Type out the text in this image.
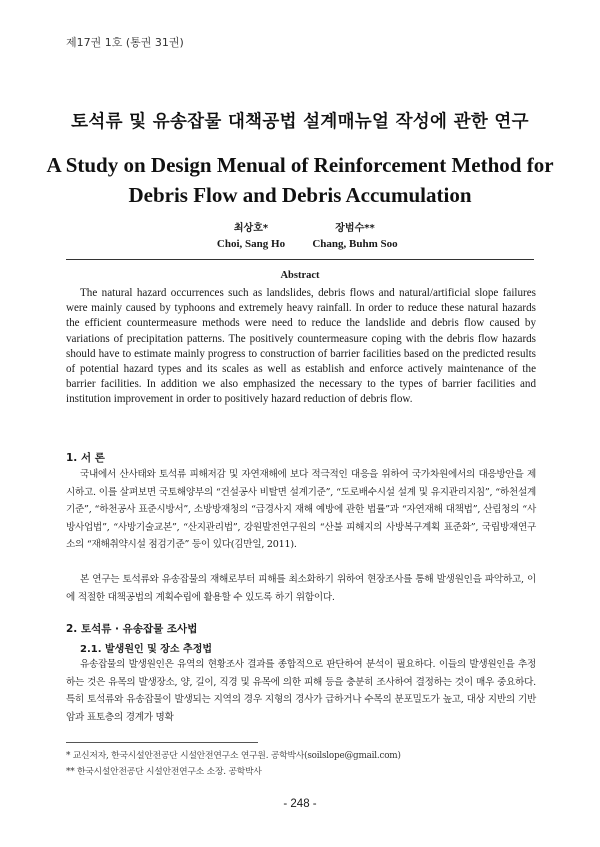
제17권 1호 (통권 31권)
토석류 및 유송잡물 대책공법 설계매뉴얼 작성에 관한 연구
A Study on Design Menual of Reinforcement Method for
Debris Flow and Debris Accumulation
최상호*
Choi, Sang Ho
장범수**
Chang, Buhm Soo
Abstract
The natural hazard occurrences such as landslides, debris flows and natural/artificial slope failures were mainly caused by typhoons and extremely heavy rainfall. In order to reduce these natural hazards the efficient countermeasure methods were need to reduce the landslide and debris flow caused by variations of precipitation patterns. The positively countermeasure coping with the debris flow hazards should have to estimate mainly progress to construction of barrier facilities based on the predicted results of potential hazard types and its scales as well as establish and enforce actively maintenance of the barrier facilities. In addition we also emphasized the necessary to the types of barrier facilities and institution improvement in order to positively hazard reduction of debris flow.
1. 서 론
국내에서 산사태와 토석류 피해저감 및 자연재해에 보다 적극적인 대응을 위하여 국가차원에서의 대응방안을 제시하고. 이를 살펴보면 국토해양부의 “건설공사 비탈면 설계기준”, “도로배수시설 설계 및 유지관리지침”, “하천설계기준”, “하천공사 표준시방서”, 소방방재청의 “급경사지 재해 예방에 관한 법률”과 “자연재해 대책법”, 산림청의 “사방사업법”, “사방기술교본”, “산지관리법”, 강원발전연구원의 “산불 피해지의 사방복구계획 표준화”, 국립방재연구소의 “재해취약시설 점검기준” 등이 있다(김만일, 2011).
본 연구는 토석류와 유송잡물의 재해로부터 피해를 최소화하기 위하여 현장조사를 통해 발생원인을 파악하고, 이에 적절한 대책공법의 계획수립에 활용할 수 있도록 하기 위함이다.
2. 토석류 · 유송잡물 조사법
2.1. 발생원인 및 장소 추정법
유송잡물의 발생원인은 유역의 현황조사 결과를 종합적으로 판단하여 분석이 필요하다. 이들의 발생원인을 추정하는 것은 유목의 발생장소, 양, 길이, 직경 및 유목에 의한 피해 등을 충분히 조사하여 결정하는 것이 매우 중요하다. 특히 토석류와 유송잡물이 발생되는 지역의 경우 지형의 경사가 급하거나 수목의 분포밀도가 높고, 대상 지반의 기반암과 표토층의 경계가 명확
* 교신저자, 한국시설안전공단 시설안전연구소 연구원. 공학박사(soilslope@gmail.com)
** 한국시설안전공단 시설안전연구소 소장. 공학박사
- 248 -
